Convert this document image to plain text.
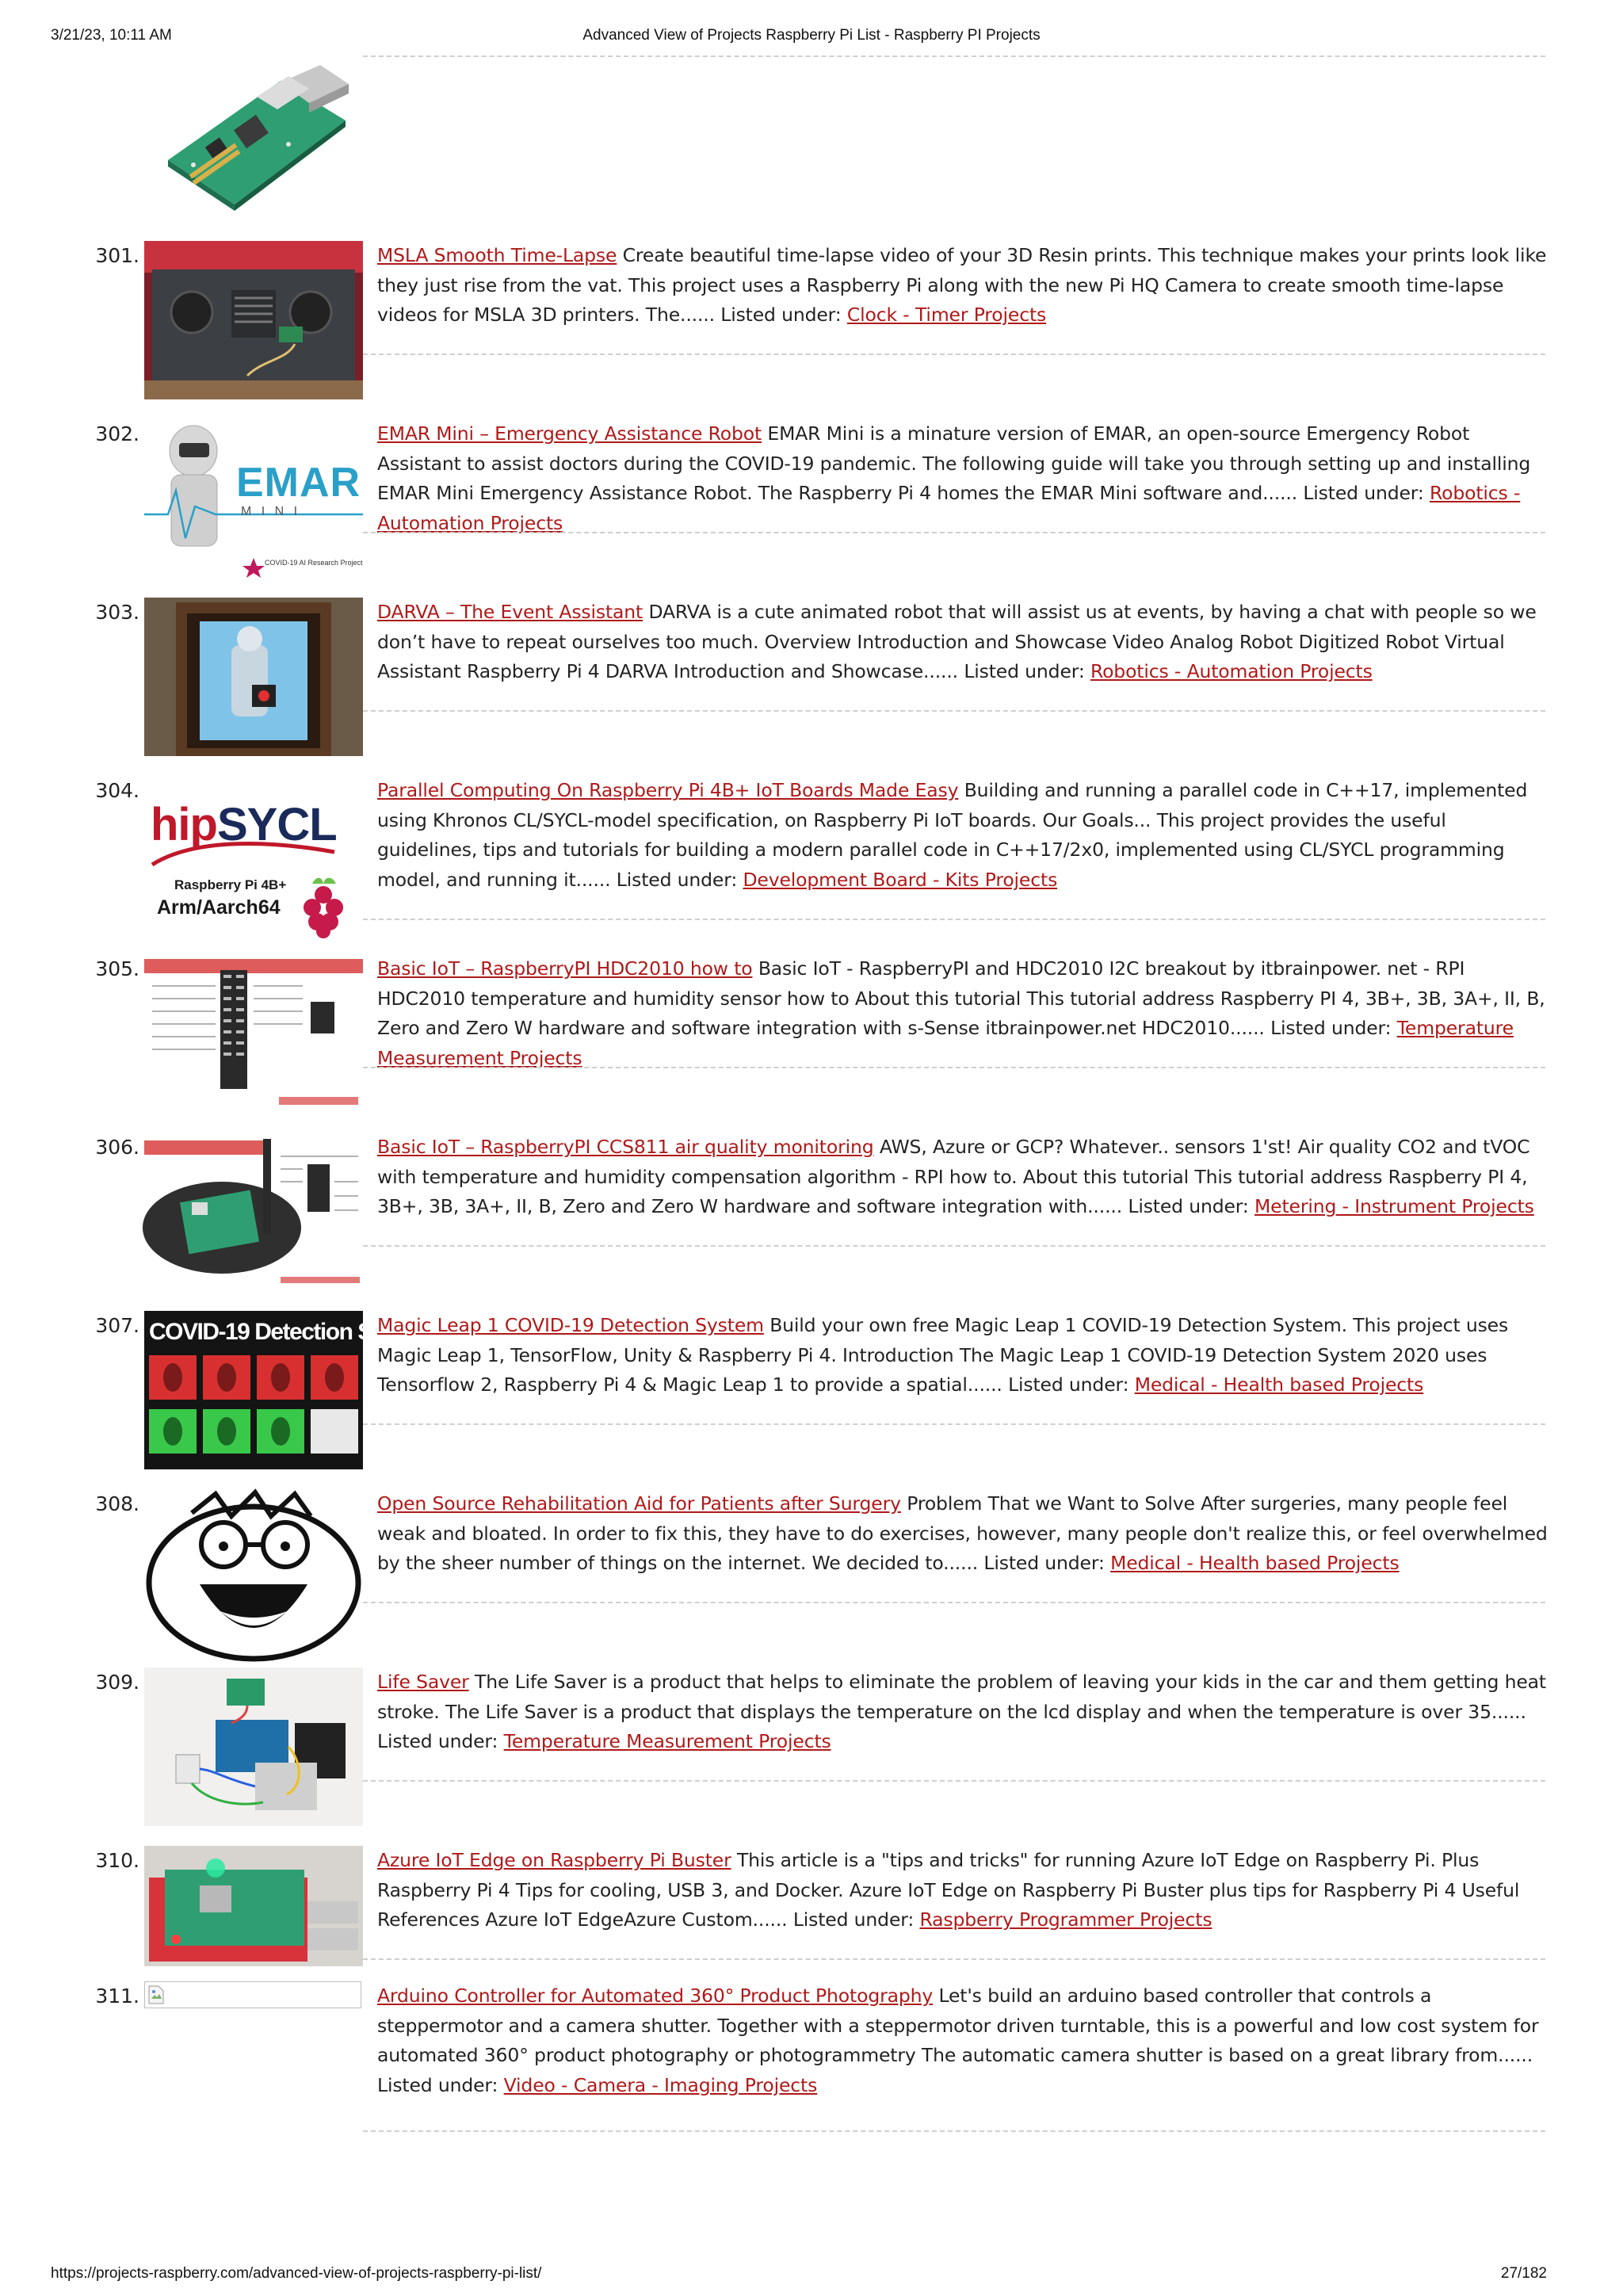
3/21/23, 10:11 AM	Advanced View of Projects Raspberry Pi List - Raspberry PI Projects
301.	MSLA Smooth Time-Lapse Create beautiful time-lapse video of your 3D Resin prints. This technique makes your prints look like they just rise from the vat. This project uses a Raspberry Pi along with the new Pi HQ Camera to create smooth time-lapse videos for MSLA 3D printers. The...... Listed under: Clock - Timer Projects
302.
EMAR
M I N I
COVID-19 AI Research Project
EMAR Mini – Emergency Assistance Robot EMAR Mini is a minature version of EMAR, an open-source Emergency Robot Assistant to assist doctors during the COVID-19 pandemic. The following guide will take you through setting up and installing EMAR Mini Emergency Assistance Robot. The Raspberry Pi 4 homes the EMAR Mini software and...... Listed under: Robotics - Automation Projects
303.	DARVA – The Event Assistant DARVA is a cute animated robot that will assist us at events, by having a chat with people so we don’t have to repeat ourselves too much. Overview Introduction and Showcase Video Analog Robot Digitized Robot Virtual Assistant Raspberry Pi 4 DARVA Introduction and Showcase...... Listed under: Robotics - Automation Projects
304.
hipSYCL
Raspberry Pi 4B+
Arm/Aarch64
Parallel Computing On Raspberry Pi 4B+ IoT Boards Made Easy Building and running a parallel code in C++17, implemented using Khronos CL/SYCL-model specification, on Raspberry Pi IoT boards. Our Goals... This project provides the useful guidelines, tips and tutorials for building a modern parallel code in C++17/2x0, implemented using CL/SYCL programming model, and running it...... Listed under: Development Board - Kits Projects
305.	Basic IoT – RaspberryPI HDC2010 how to Basic IoT - RaspberryPI and HDC2010 I2C breakout by itbrainpower. net - RPI HDC2010 temperature and humidity sensor how to About this tutorial This tutorial address Raspberry PI 4, 3B+, 3B, 3A+, II, B, Zero and Zero W hardware and software integration with s-Sense itbrainpower.net HDC2010...... Listed under: Temperature Measurement Projects
306.	Basic IoT – RaspberryPI CCS811 air quality monitoring AWS, Azure or GCP? Whatever.. sensors 1'st! Air quality CO2 and tVOC with temperature and humidity compensation algorithm - RPI how to. About this tutorial This tutorial address Raspberry PI 4, 3B+, 3B, 3A+, II, B, Zero and Zero W hardware and software integration with...... Listed under: Metering - Instrument Projects
307. COVID-19 Detection System
Magic Leap 1 COVID-19 Detection System Build your own free Magic Leap 1 COVID-19 Detection System. This project uses Magic Leap 1, TensorFlow, Unity & Raspberry Pi 4. Introduction The Magic Leap 1 COVID-19 Detection System 2020 uses Tensorflow 2, Raspberry Pi 4 & Magic Leap 1 to provide a spatial...... Listed under: Medical - Health based Projects
308.	Open Source Rehabilitation Aid for Patients after Surgery Problem That we Want to Solve After surgeries, many people feel weak and bloated. In order to fix this, they have to do exercises, however, many people don't realize this, or feel overwhelmed by the sheer number of things on the internet. We decided to...... Listed under: Medical - Health based Projects
309.	Life Saver The Life Saver is a product that helps to eliminate the problem of leaving your kids in the car and them getting heat stroke. The Life Saver is a product that displays the temperature on the lcd display and when the temperature is over 35...... Listed under: Temperature Measurement Projects
310.	Azure IoT Edge on Raspberry Pi Buster This article is a "tips and tricks" for running Azure IoT Edge on Raspberry Pi. Plus Raspberry Pi 4 Tips for cooling, USB 3, and Docker. Azure IoT Edge on Raspberry Pi Buster plus tips for Raspberry Pi 4 Useful References Azure IoT EdgeAzure Custom...... Listed under: Raspberry Programmer Projects
311.	Arduino Controller for Automated 360° Product Photography Let's build an arduino based controller that controls a steppermotor and a camera shutter. Together with a steppermotor driven turntable, this is a powerful and low cost system for automated 360° product photography or photogrammetry The automatic camera shutter is based on a great library from...... Listed under: Video - Camera - Imaging Projects
https://projects-raspberry.com/advanced-view-of-projects-raspberry-pi-list/	27/182
